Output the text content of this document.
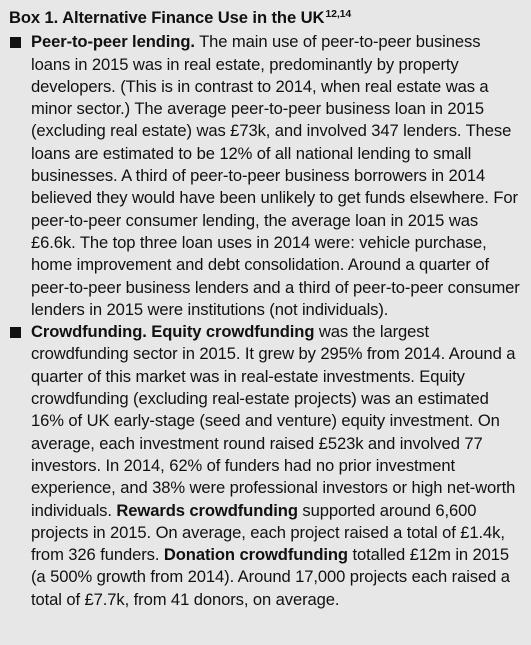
Box 1. Alternative Finance Use in the UK$^{12,14}$

Peer-to-peer lending. The main use of peer-to-peer business loans in 2015 was in real estate, predominantly by property developers. (This is in contrast to 2014, when real estate was a minor sector.) The average peer-to-peer business loan in 2015 (excluding real estate) was £73k, and involved 347 lenders. These loans are estimated to be 12% of all national lending to small businesses. A third of peer-to-peer business borrowers in 2014 believed they would have been unlikely to get funds elsewhere. For peer-to-peer consumer lending, the average loan in 2015 was £6.6k. The top three loan uses in 2014 were: vehicle purchase, home improvement and debt consolidation. Around a quarter of peer-to-peer business lenders and a third of peer-to-peer consumer lenders in 2015 were institutions (not individuals).

Crowdfunding. Equity crowdfunding was the largest crowdfunding sector in 2015. It grew by 295% from 2014. Around a quarter of this market was in real-estate investments. Equity crowdfunding (excluding real-estate projects) was an estimated 16% of UK early-stage (seed and venture) equity investment. On average, each investment round raised £523k and involved 77 investors. In 2014, 62% of funders had no prior investment experience, and 38% were professional investors or high net-worth individuals. Rewards crowdfunding supported around 6,600 projects in 2015. On average, each project raised a total of £1.4k, from 326 funders. Donation crowdfunding totalled £12m in 2015 (a 500% growth from 2014). Around 17,000 projects each raised a total of £7.7k, from 41 donors, on average.
